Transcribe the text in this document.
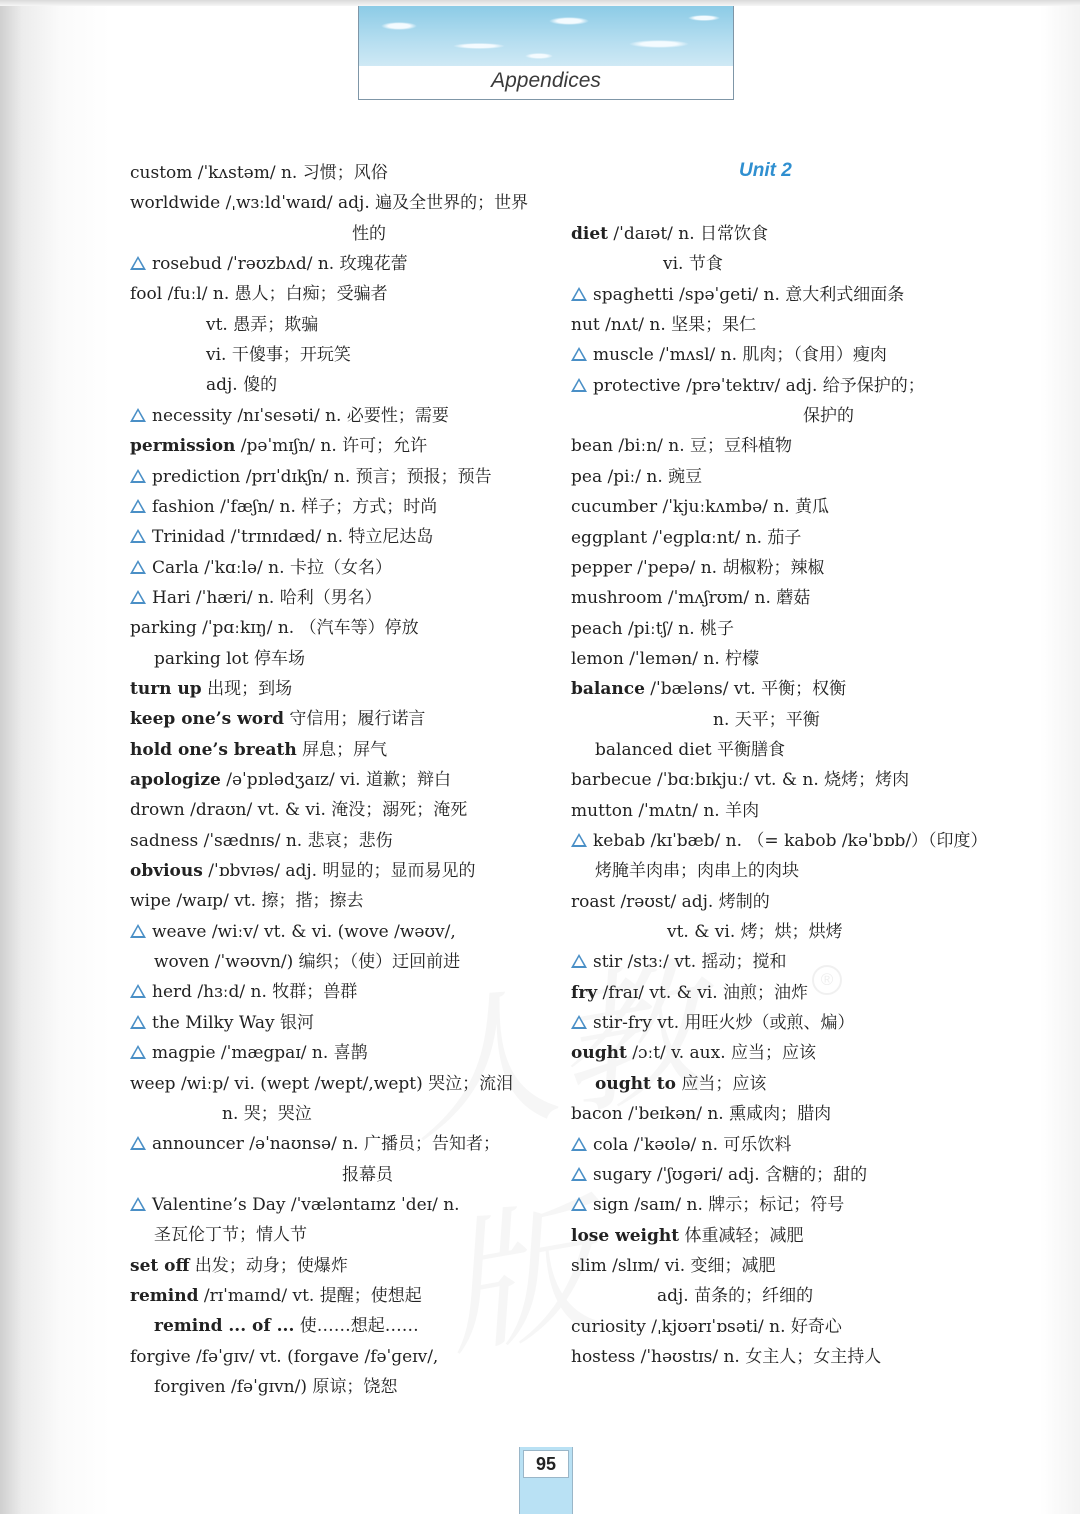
Appendices
®
custom /ˈkʌstəm/ n. 习惯；风俗
worldwide /ˌwɜːldˈwaɪd/ adj. 遍及全世界的；世界
性的
rosebud /ˈrəʊzbʌd/ n. 玫瑰花蕾
fool /fuːl/ n. 愚人；白痴；受骗者
vt. 愚弄；欺骗
vi. 干傻事；开玩笑
adj. 傻的
necessity /nɪˈsesəti/ n. 必要性；需要
permission /pəˈmɪʃn/ n. 许可；允许
prediction /prɪˈdɪkʃn/ n. 预言；预报；预告
fashion /ˈfæʃn/ n. 样子；方式；时尚
Trinidad /ˈtrɪnɪdæd/ n. 特立尼达岛
Carla /ˈkɑːlə/ n. 卡拉（女名）
Hari /ˈhæri/ n. 哈利（男名）
parking /ˈpɑːkɪŋ/ n. （汽车等）停放
parking lot 停车场
turn up 出现；到场
keep one’s word 守信用；履行诺言
hold one’s breath 屏息；屏气
apologize /əˈpɒlədʒaɪz/ vi. 道歉；辩白
drown /draʊn/ vt. & vi. 淹没；溺死；淹死
sadness /ˈsædnɪs/ n. 悲哀；悲伤
obvious /ˈɒbvɪəs/ adj. 明显的；显而易见的
wipe /waɪp/ vt. 擦；揩；擦去
weave /wiːv/ vt. & vi. (wove /wəʊv/,
woven /ˈwəʊvn/) 编织；（使）迂回前进
herd /hɜːd/ n. 牧群；兽群
the Milky Way 银河
magpie /ˈmægpaɪ/ n. 喜鹊
weep /wiːp/ vi. (wept /wept/,wept) 哭泣；流泪
n. 哭；哭泣
announcer /əˈnaʊnsə/ n. 广播员；告知者；
报幕员
Valentine’s Day /ˈvæləntaɪnz ˈdeɪ/ n.
圣瓦伦丁节；情人节
set off 出发；动身；使爆炸
remind /rɪˈmaɪnd/ vt. 提醒；使想起
remind ... of ... 使……想起……
forgive /fəˈɡɪv/ vt. (forgave /fəˈɡeɪv/,
forgiven /fəˈɡɪvn/) 原谅；饶恕
Unit 2
diet /ˈdaɪət/ n. 日常饮食
vi. 节食
spaghetti /spəˈɡeti/ n. 意大利式细面条
nut /nʌt/ n. 坚果；果仁
muscle /ˈmʌsl/ n. 肌肉；（食用）瘦肉
protective /prəˈtektɪv/ adj. 给予保护的；
保护的
bean /biːn/ n. 豆；豆科植物
pea /piː/ n. 豌豆
cucumber /ˈkjuːkʌmbə/ n. 黄瓜
eggplant /ˈeɡplɑːnt/ n. 茄子
pepper /ˈpepə/ n. 胡椒粉；辣椒
mushroom /ˈmʌʃrʊm/ n. 蘑菇
peach /piːtʃ/ n. 桃子
lemon /ˈlemən/ n. 柠檬
balance /ˈbæləns/ vt. 平衡；权衡
n. 天平；平衡
balanced diet 平衡膳食
barbecue /ˈbɑːbɪkjuː/ vt. & n. 烧烤；烤肉
mutton /ˈmʌtn/ n. 羊肉
kebab /kɪˈbæb/ n. （= kabob /kəˈbɒb/）（印度）
烤腌羊肉串；肉串上的肉块
roast /rəʊst/ adj. 烤制的
vt. & vi. 烤；烘；烘烤
stir /stɜː/ vt. 摇动；搅和
fry /fraɪ/ vt. & vi. 油煎；油炸
stir-fry vt. 用旺火炒（或煎、煸）
ought /ɔːt/ v. aux. 应当；应该
ought to 应当；应该
bacon /ˈbeɪkən/ n. 熏咸肉；腊肉
cola /ˈkəʊlə/ n. 可乐饮料
sugary /ˈʃʊɡəri/ adj. 含糖的；甜的
sign /saɪn/ n. 牌示；标记；符号
lose weight 体重减轻；减肥
slim /slɪm/ vi. 变细；减肥
adj. 苗条的；纤细的
curiosity /ˌkjʊərɪˈɒsəti/ n. 好奇心
hostess /ˈhəʊstɪs/ n. 女主人；女主持人
95
